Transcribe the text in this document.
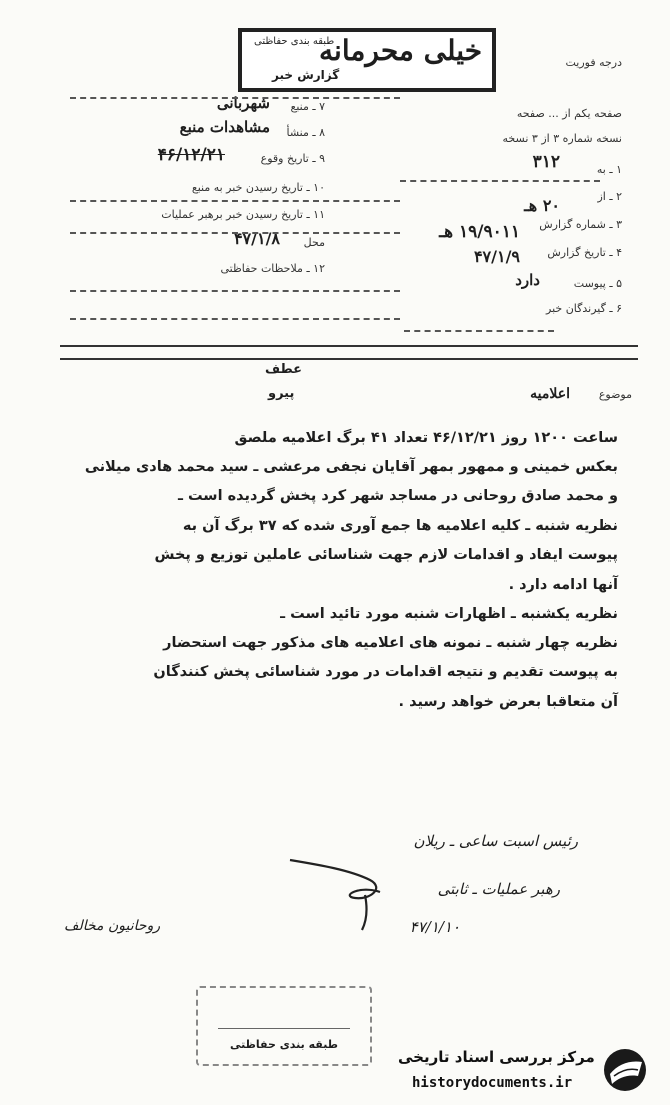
خیلی محرمانه
طبقه بندی حفاظتی
گزارش خبر
درجه فوریت
صفحه یکم از ... صفحه
نسخه شماره ۳ از ۳ نسخه
۱ ـ به
۳۱۲
۲ ـ از
۲۰ هـ
۳ ـ شماره گزارش
۱۹/۹۰۱۱ هـ
۴ ـ تاریخ گزارش
۴۷/۱/۹
۵ ـ پیوست
دارد
۶ ـ گیرندگان خبر
۷ ـ منبع
شهربانی
۸ ـ منشأ
مشاهدات منبع
۹ ـ تاریخ وقوع
۴۶/۱۲/۲۱
۱۰ ـ تاریخ رسیدن خبر به منبع
۱۱ ـ تاریخ رسیدن خبر برهبر عملیات
محل
۴۷/۱/۸
۱۲ ـ ملاحظات حفاظتی
عطف
پیرو	موضوع
اعلامیه
ساعت ۱۲۰۰ روز ۴۶/۱۲/۲۱ تعداد ۴۱ برگ اعلامیه ملصق
بعکس خمینی و ممهور بمهر آقایان نجفی مرعشی ـ سید محمد هادی میلانی
و محمد صادق روحانی در مساجد شهر کرد پخش گردیده است ـ
نظریه شنبه ـ کلیه اعلامیه ها جمع آوری شده که ۳۷ برگ آن به
پیوست ایفاد و اقدامات لازم جهت شناسائی عاملین توزیع و پخش
آنها ادامه دارد .
نظریه یکشنبه ـ اظهارات شنبه مورد تائید است ـ
نظریه چهار شنبه ـ نمونه های اعلامیه های مذکور جهت استحضار
به پیوست تقدیم و نتیجه اقدامات در مورد شناسائی پخش کنندگان
آن متعاقبا بعرض خواهد رسید .
رئیس اسبت ساعی ـ ریلان
رهبر عملیات ـ ثابتی
۴۷/۱/۱۰
روحانیون مخالف
طبقه بندی حفاظتی
مرکز بررسی اسناد تاریخی
historydocuments.ir
